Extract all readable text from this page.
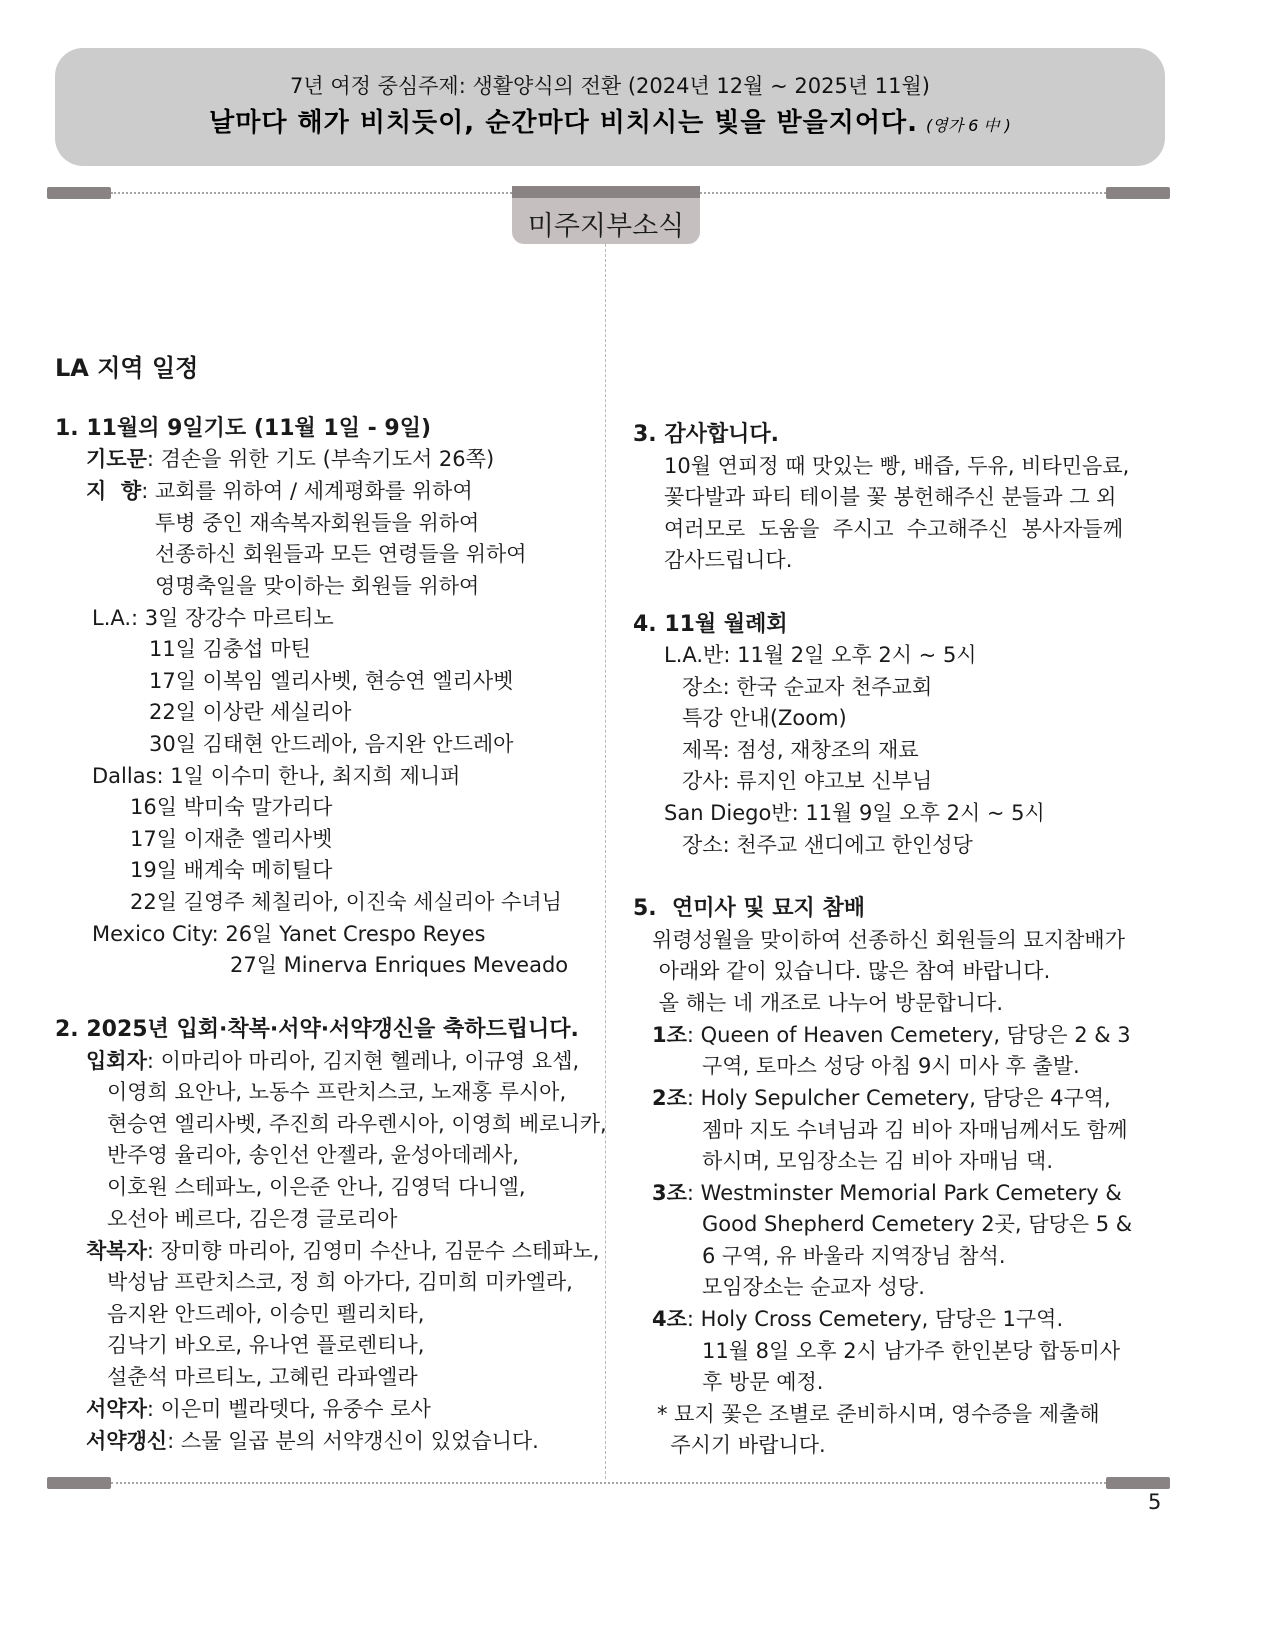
7년 여정 중심주제: 생활양식의 전환 (2024년 12월 ~ 2025년 11월)
날마다 해가 비치듯이, 순간마다 비치시는 빛을 받을지어다. (영가 6 中 )
미주지부소식
LA 지역 일정
1. 11월의 9일기도 (11월 1일 - 9일)
기도문: 겸손을 위한 기도 (부속기도서 26쪽)
지  향: 교회를 위하여 / 세계평화를 위하여
투병 중인 재속복자회원들을 위하여
선종하신 회원들과 모든 연령들을 위하여
영명축일을 맞이하는 회원들 위하여
L.A.: 3일 장강수 마르티노
11일 김충섭 마틴
17일 이복임 엘리사벳, 현승연 엘리사벳
22일 이상란 세실리아
30일 김태현 안드레아, 음지완 안드레아
Dallas: 1일 이수미 한나, 최지희 제니퍼
16일 박미숙 말가리다
17일 이재춘 엘리사벳
19일 배계숙 메히틸다
22일 길영주 체칠리아, 이진숙 세실리아 수녀님
Mexico City: 26일 Yanet Crespo Reyes
27일 Minerva Enriques Meveado
2. 2025년 입회·착복·서약·서약갱신을 축하드립니다.
입회자: 이마리아 마리아, 김지현 헬레나, 이규영 요셉,
이영희 요안나, 노동수 프란치스코, 노재홍 루시아,
현승연 엘리사벳, 주진희 라우렌시아, 이영희 베로니카,
반주영 율리아, 송인선 안젤라, 윤성아데레사,
이호원 스테파노, 이은준 안나, 김영덕 다니엘,
오선아 베르다, 김은경 글로리아
착복자: 장미향 마리아, 김영미 수산나, 김문수 스테파노,
박성남 프란치스코, 정 희 아가다, 김미희 미카엘라,
음지완 안드레아, 이승민 펠리치타,
김낙기 바오로, 유나연 플로렌티나,
설춘석 마르티노, 고혜린 라파엘라
서약자: 이은미 벨라뎃다, 유중수 로사
서약갱신: 스물 일곱 분의 서약갱신이 있었습니다.
3. 감사합니다.
10월 연피정 때 맛있는 빵, 배즙, 두유, 비타민음료,
꽃다발과 파티 테이블 꽃 봉헌해주신 분들과 그 외
여러모로  도움을  주시고  수고해주신  봉사자들께
감사드립니다.
4. 11월 월례회
L.A.반: 11월 2일 오후 2시 ~ 5시
장소: 한국 순교자 천주교회
특강 안내(Zoom)
제목: 점성, 재창조의 재료
강사: 류지인 야고보 신부님
San Diego반: 11월 9일 오후 2시 ~ 5시
장소: 천주교 샌디에고 한인성당
5.  연미사 및 묘지 참배
위령성월을 맞이하여 선종하신 회원들의 묘지참배가
아래와 같이 있습니다. 많은 참여 바랍니다.
올 해는 네 개조로 나누어 방문합니다.
1조: Queen of Heaven Cemetery, 담당은 2 & 3
구역, 토마스 성당 아침 9시 미사 후 출발.
2조: Holy Sepulcher Cemetery, 담당은 4구역,
젬마 지도 수녀님과 김 비아 자매님께서도 함께
하시며, 모임장소는 김 비아 자매님 댁.
3조: Westminster Memorial Park Cemetery &
Good Shepherd Cemetery 2곳, 담당은 5 &
6 구역, 유 바울라 지역장님 참석.
모임장소는 순교자 성당.
4조: Holy Cross Cemetery, 담당은 1구역.
11월 8일 오후 2시 남가주 한인본당 합동미사
후 방문 예정.
* 묘지 꽃은 조별로 준비하시며, 영수증을 제출해
주시기 바랍니다.
5
